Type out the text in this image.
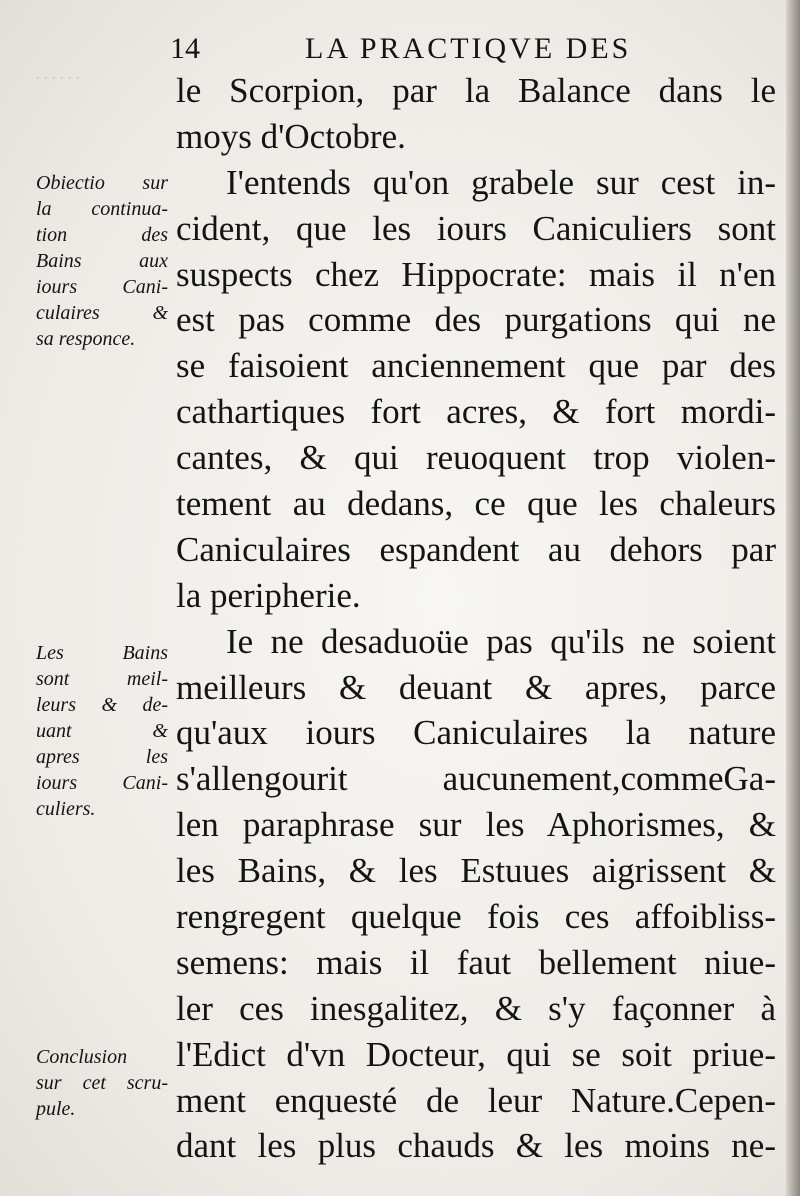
· · · · · ·
14	LA PRACTIQVE DES
le Scorpion, par la Balance dans le
moys d'Octobre.
I'entends qu'on grabele sur cest in-
cident, que les iours Caniculiers sont
suspects chez Hippocrate: mais il n'en
est pas comme des purgations qui ne
se faisoient anciennement que par des
cathartiques fort acres, & fort mordi-
cantes, & qui reuoquent trop violen-
tement au dedans, ce que les chaleurs
Caniculaires espandent au dehors par
la peripherie.
Ie ne desaduoüe pas qu'ils ne soient
meilleurs & deuant & apres, parce
qu'aux iours Caniculaires la nature
s'allengourit aucunement,commeGa-
len paraphrase sur les Aphorismes, &
les Bains, & les Estuues aigrissent &
rengregent quelque fois ces affoibliss-
semens: mais il faut bellement niue-
ler ces inesgalitez, & s'y façonner à
l'Edict d'vn Docteur, qui se soit priue-
ment enquesté de leur Nature.Cepen-
dant les plus chauds & les moins ne-
Obiectio sur
la continua-
tion des
Bains aux
iours Cani-
culaires &
sa responce.
Les Bains
sont meil-
leurs & de-
uant &
apres les
iours Cani-
culiers.
Conclusion
sur cet scru-
pule.
